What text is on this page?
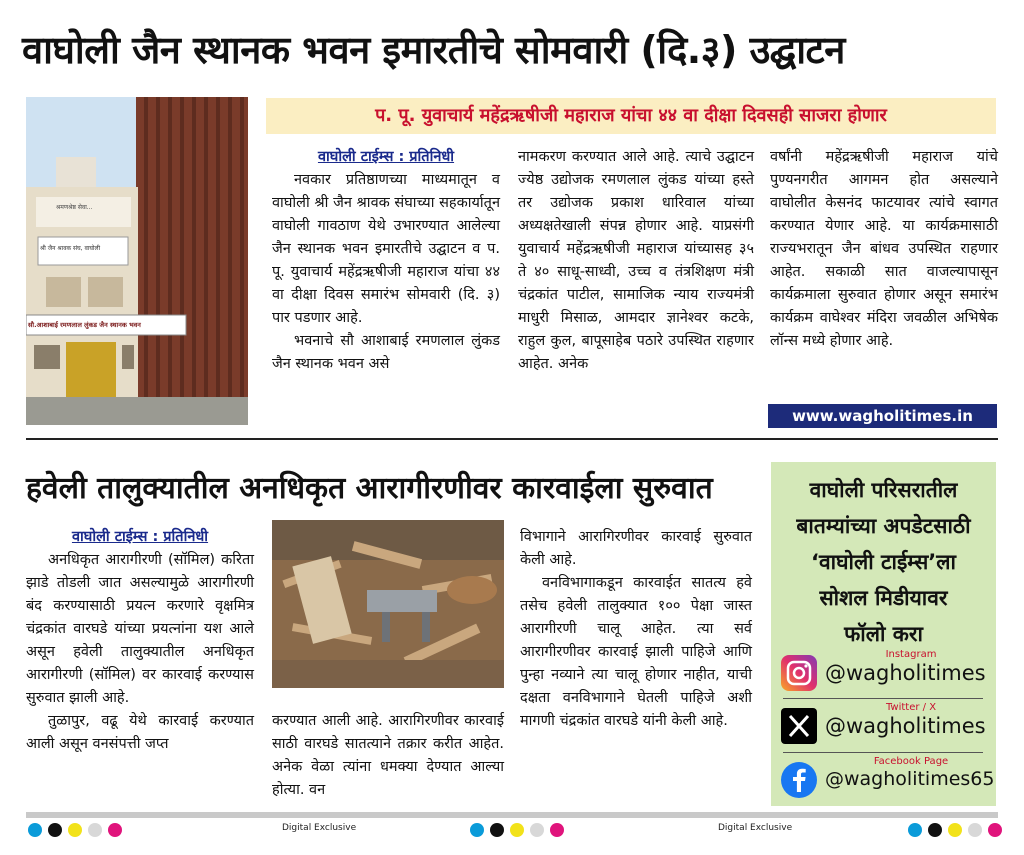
वाघोली जैन स्थानक भवन इमारतीचे सोमवारी (दि.३) उद्घाटन
श्रमणश्रेष्ठ सेवा...
श्री जैन श्रावक संघ, वाघोली
सौ.आशाबाई रमणलाल लुंकड जैन स्थानक भवन
प. पू. युवाचार्य महेंद्रऋषीजी महाराज यांचा ४४ वा दीक्षा दिवसही साजरा होणार
वाघोली टाईम्स : प्रतिनिधी

नवकार प्रतिष्ठाणच्या माध्यमातून व वाघोली श्री जैन श्रावक संघाच्या सहकार्यातून वाघोली गावठाण येथे उभारण्यात आलेल्या जैन स्थानक भवन इमारतीचे उद्घाटन व प. पू. युवाचार्य महेंद्रऋषीजी महाराज यांचा ४४ वा दीक्षा दिवस समारंभ सोमवारी (दि. ३) पार पडणार आहे.

भवनाचे सौ आशाबाई रमणलाल लुंकड जैन स्थानक भवन असे

नामकरण करण्यात आले आहे. त्याचे उद्घाटन ज्येष्ठ उद्योजक रमणलाल लुंकड यांच्या हस्ते तर उद्योजक प्रकाश धारिवाल यांच्या अध्यक्षतेखाली संपन्न होणार आहे. याप्रसंगी युवाचार्य महेंद्रऋषीजी महाराज यांच्यासह ३५ ते ४० साधू-साध्वी, उच्च व तंत्रशिक्षण मंत्री चंद्रकांत पाटील, सामाजिक न्याय राज्यमंत्री माधुरी मिसाळ, आमदार ज्ञानेश्वर कटके, राहुल कुल, बापूसाहेब पठारे उपस्थित राहणार आहेत. अनेक

वर्षांनी महेंद्रऋषीजी महाराज यांचे पुण्यनगरीत आगमन होत असल्याने वाघोलीत केसनंद फाटयावर त्यांचे स्वागत करण्यात येणार आहे. या कार्यक्रमासाठी राज्यभरातून जैन बांधव उपस्थित राहणार आहेत. सकाळी सात वाजल्यापासून कार्यक्रमाला सुरुवात होणार असून समारंभ कार्यक्रम वाघेश्वर मंदिरा जवळील अभिषेक लॉन्स मध्ये होणार आहे.

www.wagholitimes.in
हवेली तालुक्यातील अनधिकृत आरागीरणीवर कारवाईला सुरुवात
वाघोली टाईम्स : प्रतिनिधी

अनधिकृत आरागीरणी (सॉमिल) करिता झाडे तोडली जात असल्यामुळे आरागीरणी बंद करण्यासाठी प्रयत्न करणारे वृक्षमित्र चंद्रकांत वारघडे यांच्या प्रयत्नांना यश आले असून हवेली तालुक्यातील अनधिकृत आरागीरणी (सॉमिल) वर कारवाई करण्यास सुरुवात झाली आहे.

तुळापुर, वढू येथे कारवाई करण्यात आली असून वनसंपत्ती जप्त

करण्यात आली आहे. आरागिरणीवर कारवाई साठी वारघडे सातत्याने तक्रार करीत आहेत. अनेक वेळा त्यांना धमक्या देण्यात आल्या होत्या. वन

विभागाने आरागिरणीवर कारवाई सुरुवात केली आहे.

वनविभागाकडून कारवाईत सातत्य हवे तसेच हवेली तालुक्यात १०० पेक्षा जास्त आरागीरणी चालू आहेत. त्या सर्व आरागीरणीवर कारवाई झाली पाहिजे आणि पुन्हा नव्याने त्या चालू होणार नाहीत, याची दक्षता वनविभागाने घेतली पाहिजे अशी मागणी चंद्रकांत वारघडे यांनी केली आहे.

वाघोली परिसरातील
बातम्यांच्या अपडेटसाठी
‘वाघोली टाईम्स’ला
सोशल मिडीयावर
फॉलो करा
Instagram
@wagholitimes
Twitter / X
@wagholitimes
Facebook Page
@wagholitimes65
Digital Exclusive	Digital Exclusive
